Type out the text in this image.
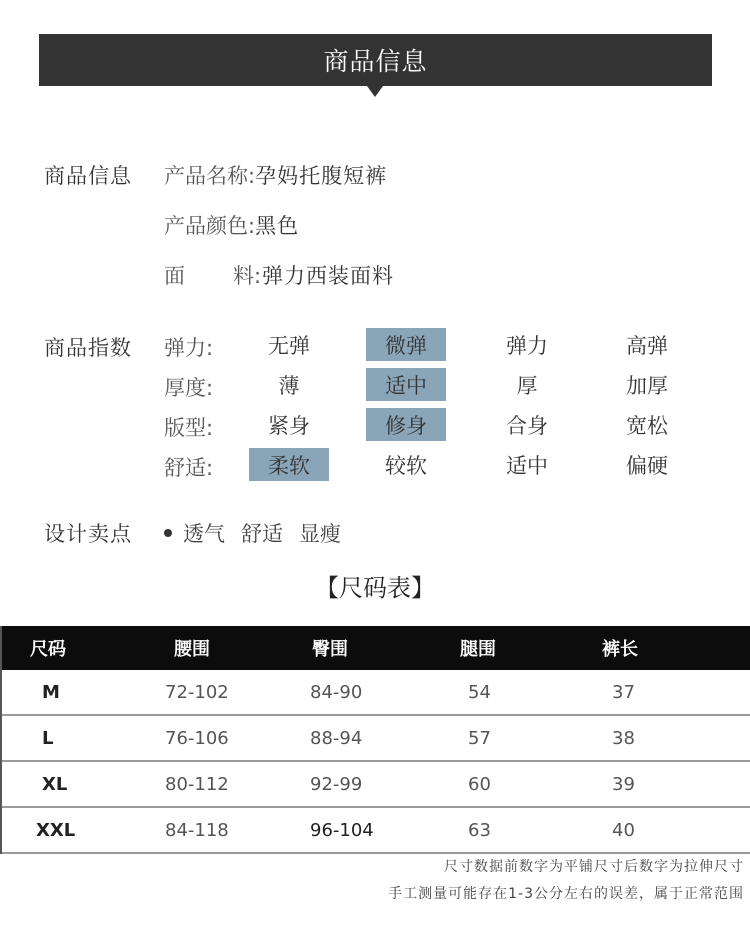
商品信息
商品信息 产品名称: 孕妈托腹短裤
产品颜色: 黑色
面 料: 弹力西装面料
商品指数 弹力:	无弹	微弹	弹力	高弹
厚度:	薄	适中	厚	加厚
版型:	紧身	修身	合身	宽松
舒适:	柔软	较软	适中	偏硬
设计卖点 透气 舒适 显瘦
【尺码表】
尺码	腰围	臀围	腿围	裤长
M	72-102	84-90	54	37
L	76-106	88-94	57	38
XL	80-112	92-99	60	39
XXL	84-118	96-104	63	40
尺寸数据前数字为平铺尺寸后数字为拉伸尺寸
手工测量可能存在1-3公分左右的误差，属于正常范围
